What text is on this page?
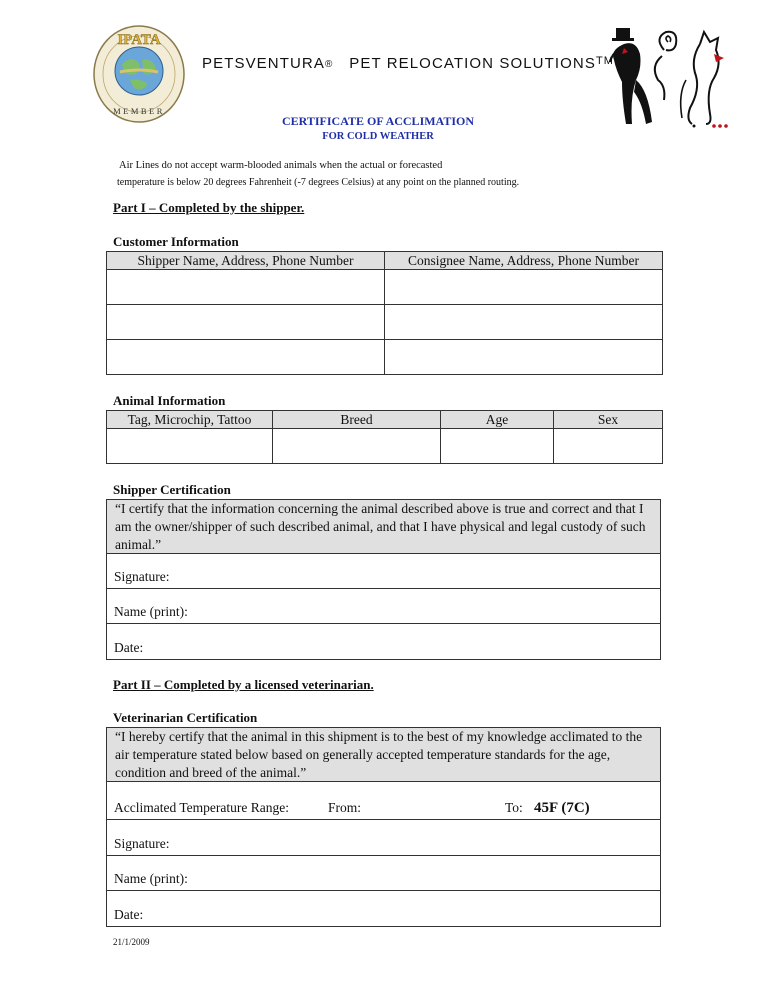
IPATA
MEMBER
PETSVENTURA® PET RELOCATION SOLUTIONS™
CERTIFICATE OF ACCLIMATION
FOR COLD WEATHER
Air Lines do not accept warm-blooded animals when the actual or forecasted
temperature is below 20 degrees Fahrenheit (-7 degrees Celsius) at any point on the planned routing.
Part I – Completed by the shipper.
Customer Information
Shipper Name, Address, Phone Number	Consignee Name, Address, Phone Number

Animal Information
Tag, Microchip, Tattoo	Breed	Age	Sex

Shipper Certification
“I certify that the information concerning the animal described above is true and correct and that I am the owner/shipper of such described animal, and that I have physical and legal custody of such animal.”
Signature:
Name (print):
Date:
Part II – Completed by a licensed veterinarian.
Veterinarian Certification
“I hereby certify that the animal in this shipment is to the best of my knowledge acclimated to the air temperature stated below based on generally accepted temperature standards for the age, condition and breed of the animal.”
Acclimated Temperature Range:	From:	To: 45F (7C)
Signature:
Name (print):
Date:
21/1/2009
